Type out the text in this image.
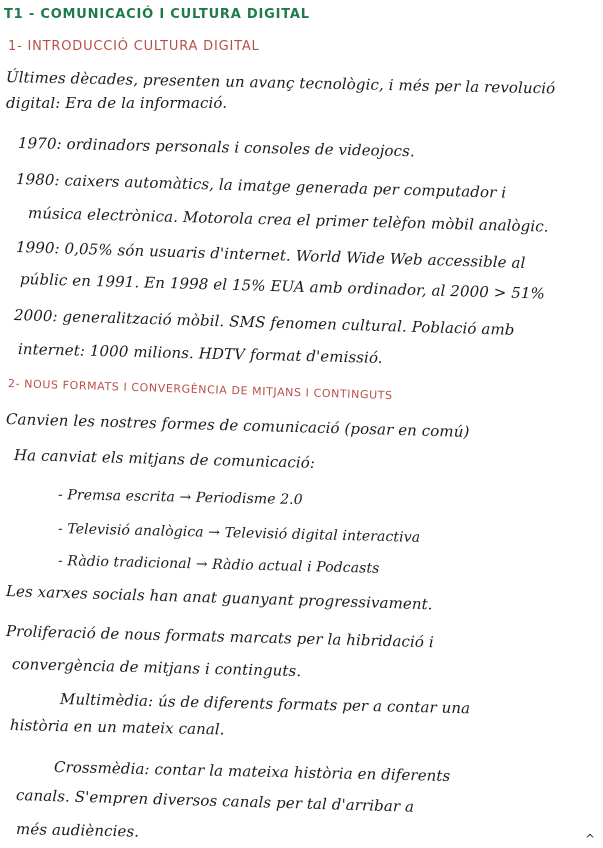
T1 - COMUNICACIÓ I CULTURA DIGITAL
1- INTRODUCCIÓ CULTURA DIGITAL
Últimes dècades, presenten un avanç tecnològic, i més per la revolució
digital: Era de la informació.
1970: ordinadors personals i consoles de videojocs.
1980: caixers automàtics, la imatge generada per computador i
música electrònica. Motorola crea el primer telèfon mòbil analògic.
1990: 0,05% són usuaris d'internet. World Wide Web accessible al
públic en 1991. En 1998 el 15% EUA amb ordinador, al 2000 > 51%
2000: generalització mòbil. SMS fenomen cultural. Població amb
internet: 1000 milions. HDTV format d'emissió.
2- NOUS FORMATS I CONVERGÈNCIA DE MITJANS I CONTINGUTS
Canvien les nostres formes de comunicació (posar en comú)
Ha canviat els mitjans de comunicació:
- Premsa escrita → Periodisme 2.0
- Televisió analògica → Televisió digital interactiva
- Ràdio tradicional → Ràdio actual i Podcasts
Les xarxes socials han anat guanyant progressivament.
Proliferació de nous formats marcats per la hibridació i
convergència de mitjans i continguts.
Multimèdia: ús de diferents formats per a contar una
història en un mateix canal.
Crossmèdia: contar la mateixa història en diferents
canals. S'empren diversos canals per tal d'arribar a
més audiències.	^
